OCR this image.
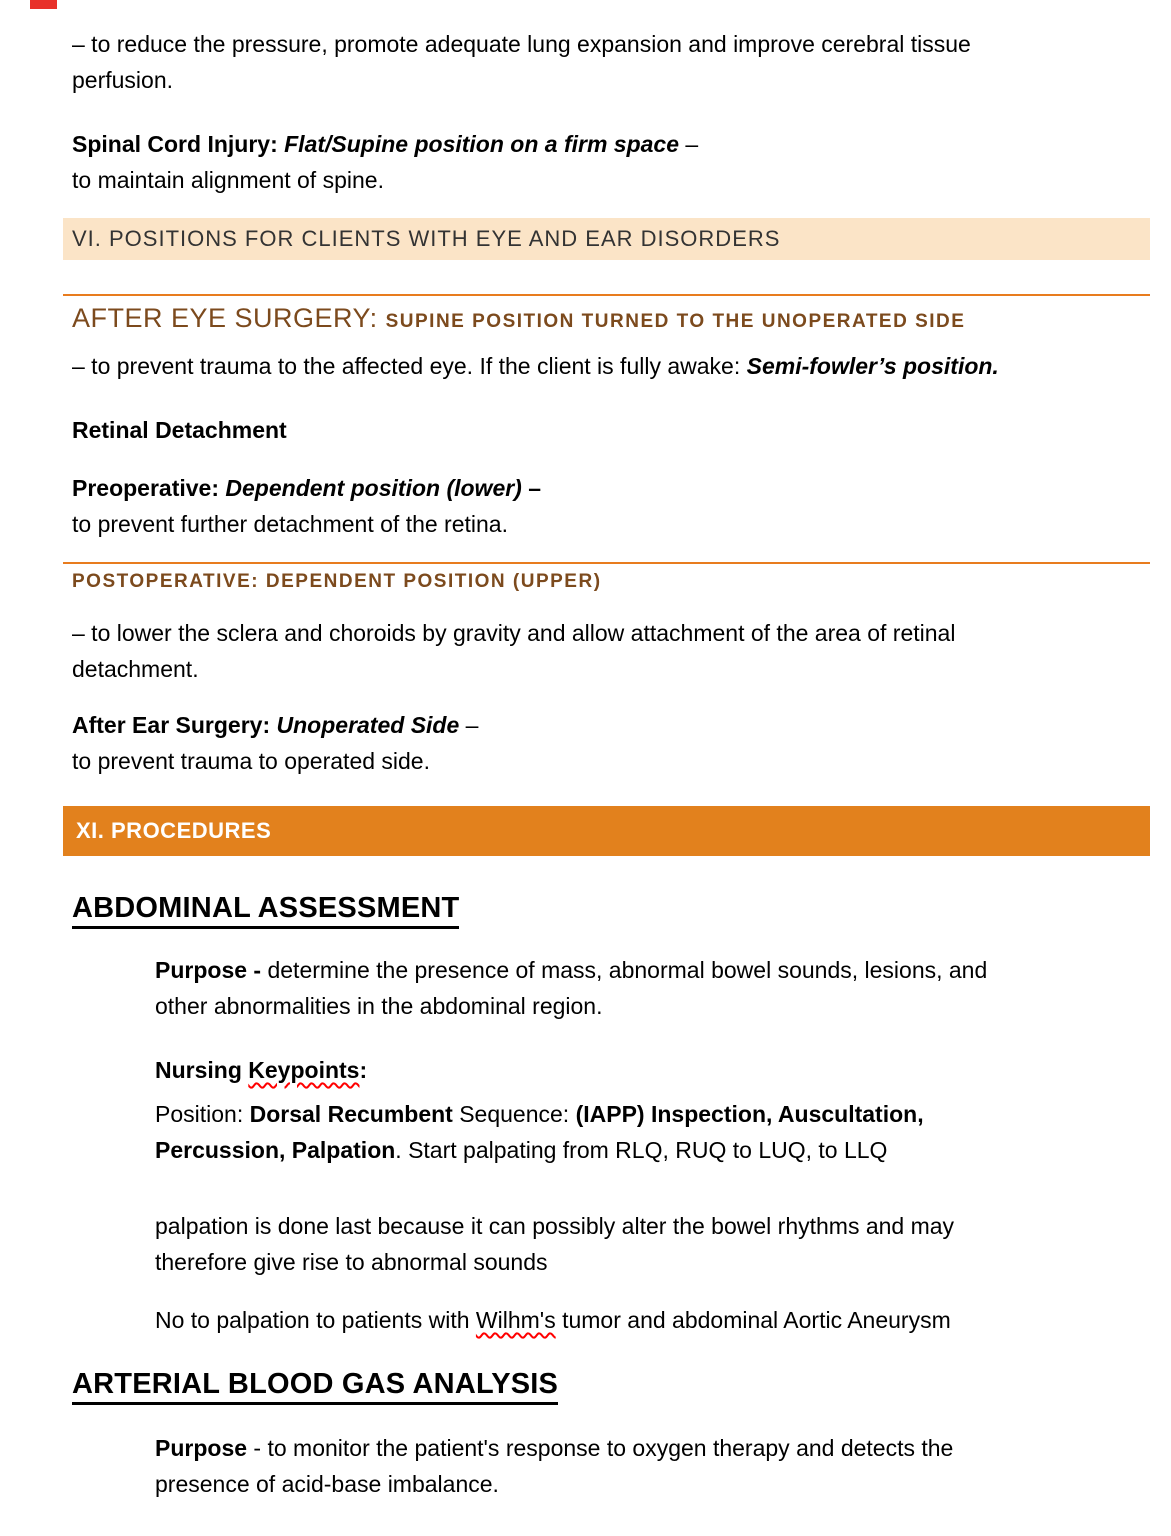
– to reduce the pressure, promote adequate lung expansion and improve cerebral tissue
perfusion.

Spinal Cord Injury: Flat/Supine position on a firm space –
to maintain alignment of spine.

VI. POSITIONS FOR CLIENTS WITH EYE AND EAR DISORDERS
AFTER EYE SURGERY: SUPINE POSITION TURNED TO THE UNOPERATED SIDE

– to prevent trauma to the affected eye. If the client is fully awake: Semi-fowler’s position.

Retinal Detachment

Preoperative: Dependent position (lower) –
to prevent further detachment of the retina.

POSTOPERATIVE: DEPENDENT POSITION (UPPER)

– to lower the sclera and choroids by gravity and allow attachment of the area of retinal
detachment.

After Ear Surgery: Unoperated Side –
to prevent trauma to operated side.

XI. PROCEDURES
ABDOMINAL ASSESSMENT

Purpose - determine the presence of mass, abnormal bowel sounds, lesions, and
other abnormalities in the abdominal region.

Nursing Keypoints:

Position: Dorsal Recumbent Sequence: (IAPP) Inspection, Auscultation,
Percussion, Palpation. Start palpating from RLQ, RUQ to LUQ, to LLQ

palpation is done last because it can possibly alter the bowel rhythms and may
therefore give rise to abnormal sounds

No to palpation to patients with Wilhm's tumor and abdominal Aortic Aneurysm

ARTERIAL BLOOD GAS ANALYSIS

Purpose - to monitor the patient's response to oxygen therapy and detects the
presence of acid-base imbalance.
